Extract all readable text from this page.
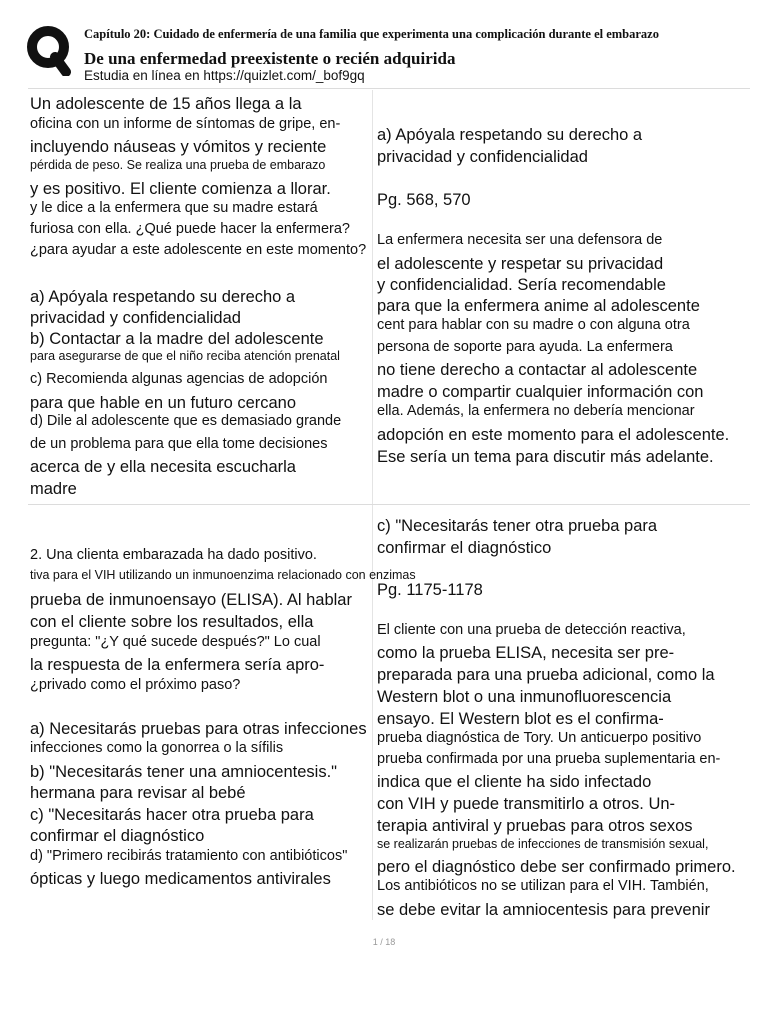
Capítulo 20: Cuidado de enfermería de una familia que experimenta una complicación durante el embarazo
De una enfermedad preexistente o recién adquirida
Estudia en línea en https://quizlet.com/_bof9gq
Un adolescente de 15 años llega a la
oficina con un informe de síntomas de gripe, en-
incluyendo náuseas y vómitos y reciente
pérdida de peso. Se realiza una prueba de embarazo
y es positivo. El cliente comienza a llorar.
y le dice a la enfermera que su madre estará
furiosa con ella. ¿Qué puede hacer la enfermera?
¿para ayudar a este adolescente en este momento?
a) Apóyala respetando su derecho a
privacidad y confidencialidad
b) Contactar a la madre del adolescente
para asegurarse de que el niño reciba atención prenatal
c) Recomienda algunas agencias de adopción
para que hable en un futuro cercano
d) Dile al adolescente que es demasiado grande
de un problema para que ella tome decisiones
acerca de y ella necesita escucharla
madre
a) Apóyala respetando su derecho a
privacidad y confidencialidad
Pg. 568, 570
La enfermera necesita ser una defensora de
el adolescente y respetar su privacidad
y confidencialidad. Sería recomendable
para que la enfermera anime al adolescente
cent para hablar con su madre o con alguna otra
persona de soporte para ayuda. La enfermera
no tiene derecho a contactar al adolescente
madre o compartir cualquier información con
ella. Además, la enfermera no debería mencionar
adopción en este momento para el adolescente.
Ese sería un tema para discutir más adelante.
2. Una clienta embarazada ha dado positivo.
tiva para el VIH utilizando un inmunoenzima relacionado con enzimas
prueba de inmunoensayo (ELISA). Al hablar
con el cliente sobre los resultados, ella
pregunta: "¿Y qué sucede después?" Lo cual
la respuesta de la enfermera sería apro-
¿privado como el próximo paso?
a) Necesitarás pruebas para otras infecciones
infecciones como la gonorrea o la sífilis
b) "Necesitarás tener una amniocentesis."
hermana para revisar al bebé
c) "Necesitarás hacer otra prueba para
confirmar el diagnóstico
d) "Primero recibirás tratamiento con antibióticos"
ópticas y luego medicamentos antivirales
c) "Necesitarás tener otra prueba para
confirmar el diagnóstico
Pg. 1175-1178
El cliente con una prueba de detección reactiva,
como la prueba ELISA, necesita ser pre-
preparada para una prueba adicional, como la
Western blot o una inmunofluorescencia
ensayo. El Western blot es el confirma-
prueba diagnóstica de Tory. Un anticuerpo positivo
prueba confirmada por una prueba suplementaria en-
indica que el cliente ha sido infectado
con VIH y puede transmitirlo a otros. Un-
terapia antiviral y pruebas para otros sexos
se realizarán pruebas de infecciones de transmisión sexual,
pero el diagnóstico debe ser confirmado primero.
Los antibióticos no se utilizan para el VIH. También,
se debe evitar la amniocentesis para prevenir
1 / 18
